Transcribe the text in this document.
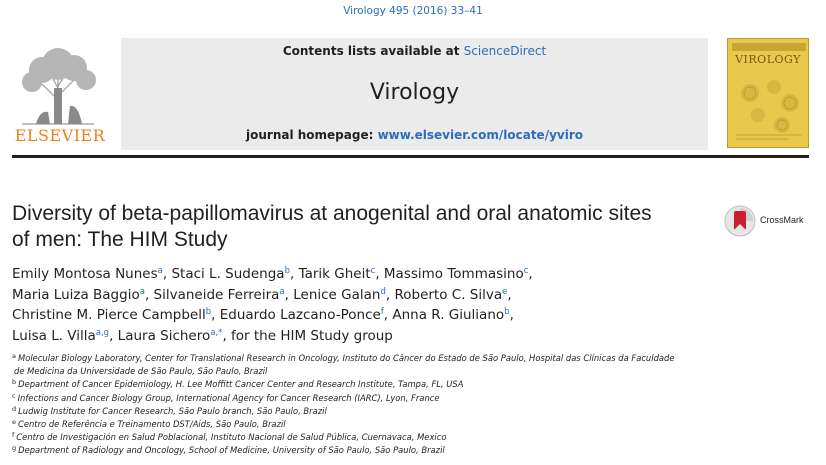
Virology 495 (2016) 33–41
ELSEVIER
Contents lists available at ScienceDirect
Virology
journal homepage: www.elsevier.com/locate/yviro
VIROLOGY
Diversity of beta-papillomavirus at anogenital and oral anatomic sites
of men: The HIM Study
CrossMark
Emily Montosa Nunes$^a$, Staci L. Sudenga$^b$, Tarik Gheit$^c$, Massimo Tommasino$^c$,
Maria Luiza Baggio$^a$, Silvaneide Ferreira$^a$, Lenice Galan$^d$, Roberto C. Silva$^e$,
Christine M. Pierce Campbell$^b$, Eduardo Lazcano-Ponce$^f$, Anna R. Giuliano$^b$,
Luisa L. Villa$^{a,g}$, Laura Sichero$^{a,*}$, for the HIM Study group
$^a$ Molecular Biology Laboratory, Center for Translational Research in Oncology, Instituto do Câncer do Estado de São Paulo, Hospital das Clínicas da Faculdade
de Medicina da Universidade de São Paulo, São Paulo, Brazil
$^b$ Department of Cancer Epidemiology, H. Lee Moffitt Cancer Center and Research Institute, Tampa, FL, USA
$^c$ Infections and Cancer Biology Group, International Agency for Cancer Research (IARC), Lyon, France
$^d$ Ludwig Institute for Cancer Research, São Paulo branch, São Paulo, Brazil
$^e$ Centro de Referência e Treinamento DST/Aids, São Paulo, Brazil
$^f$ Centro de Investigación en Salud Poblacional, Instituto Nacional de Salud Pública, Cuernavaca, Mexico
$^g$ Department of Radiology and Oncology, School of Medicine, University of São Paulo, São Paulo, Brazil
